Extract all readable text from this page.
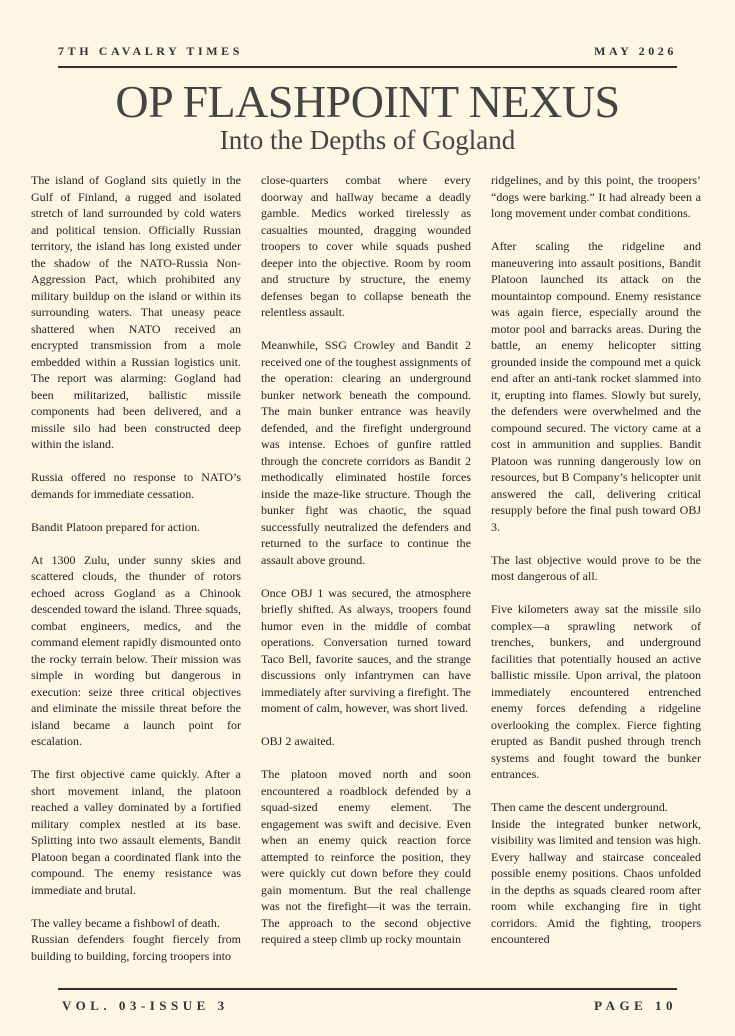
7TH CAVALRY TIMES	MAY 2026
OP FLASHPOINT NEXUS
Into the Depths of Gogland

The island of Gogland sits quietly in the Gulf of Finland, a rugged and isolated stretch of land surrounded by cold waters and political tension. Officially Russian territory, the island has long existed under the shadow of the NATO-Russia Non-Aggression Pact, which prohibited any military buildup on the island or within its surrounding waters. That uneasy peace shattered when NATO received an encrypted transmission from a mole embedded within a Russian logistics unit. The report was alarming: Gogland had been militarized, ballistic missile components had been delivered, and a missile silo had been constructed deep within the island.

Russia offered no response to NATO’s demands for immediate cessation.

Bandit Platoon prepared for action.

At 1300 Zulu, under sunny skies and scattered clouds, the thunder of rotors echoed across Gogland as a Chinook descended toward the island. Three squads, combat engineers, medics, and the command element rapidly dismounted onto the rocky terrain below. Their mission was simple in wording but dangerous in execution: seize three critical objectives and eliminate the missile threat before the island became a launch point for escalation.

The first objective came quickly. After a short movement inland, the platoon reached a valley dominated by a fortified military complex nestled at its base. Splitting into two assault elements, Bandit Platoon began a coordinated flank into the compound. The enemy resistance was immediate and brutal.

The valley became a fishbowl of death.

Russian defenders fought fiercely from building to building, forcing troopers into

close-quarters combat where every doorway and hallway became a deadly gamble. Medics worked tirelessly as casualties mounted, dragging wounded troopers to cover while squads pushed deeper into the objective. Room by room and structure by structure, the enemy defenses began to collapse beneath the relentless assault.

Meanwhile, SSG Crowley and Bandit 2 received one of the toughest assignments of the operation: clearing an underground bunker network beneath the compound. The main bunker entrance was heavily defended, and the firefight underground was intense. Echoes of gunfire rattled through the concrete corridors as Bandit 2 methodically eliminated hostile forces inside the maze-like structure. Though the bunker fight was chaotic, the squad successfully neutralized the defenders and returned to the surface to continue the assault above ground.

Once OBJ 1 was secured, the atmosphere briefly shifted. As always, troopers found humor even in the middle of combat operations. Conversation turned toward Taco Bell, favorite sauces, and the strange discussions only infantrymen can have immediately after surviving a firefight. The moment of calm, however, was short lived.

OBJ 2 awaited.

The platoon moved north and soon encountered a roadblock defended by a squad-sized enemy element. The engagement was swift and decisive. Even when an enemy quick reaction force attempted to reinforce the position, they were quickly cut down before they could gain momentum. But the real challenge was not the firefight—it was the terrain. The approach to the second objective required a steep climb up rocky mountain

ridgelines, and by this point, the troopers’ “dogs were barking.” It had already been a long movement under combat conditions.

After scaling the ridgeline and maneuvering into assault positions, Bandit Platoon launched its attack on the mountaintop compound. Enemy resistance was again fierce, especially around the motor pool and barracks areas. During the battle, an enemy helicopter sitting grounded inside the compound met a quick end after an anti-tank rocket slammed into it, erupting into flames. Slowly but surely, the defenders were overwhelmed and the compound secured. The victory came at a cost in ammunition and supplies. Bandit Platoon was running dangerously low on resources, but B Company’s helicopter unit answered the call, delivering critical resupply before the final push toward OBJ 3.

The last objective would prove to be the most dangerous of all.

Five kilometers away sat the missile silo complex—a sprawling network of trenches, bunkers, and underground facilities that potentially housed an active ballistic missile. Upon arrival, the platoon immediately encountered entrenched enemy forces defending a ridgeline overlooking the complex. Fierce fighting erupted as Bandit pushed through trench systems and fought toward the bunker entrances.

Then came the descent underground.

Inside the integrated bunker network, visibility was limited and tension was high. Every hallway and staircase concealed possible enemy positions. Chaos unfolded in the depths as squads cleared room after room while exchanging fire in tight corridors. Amid the fighting, troopers encountered

VOL. 03-ISSUE 3	PAGE 10
